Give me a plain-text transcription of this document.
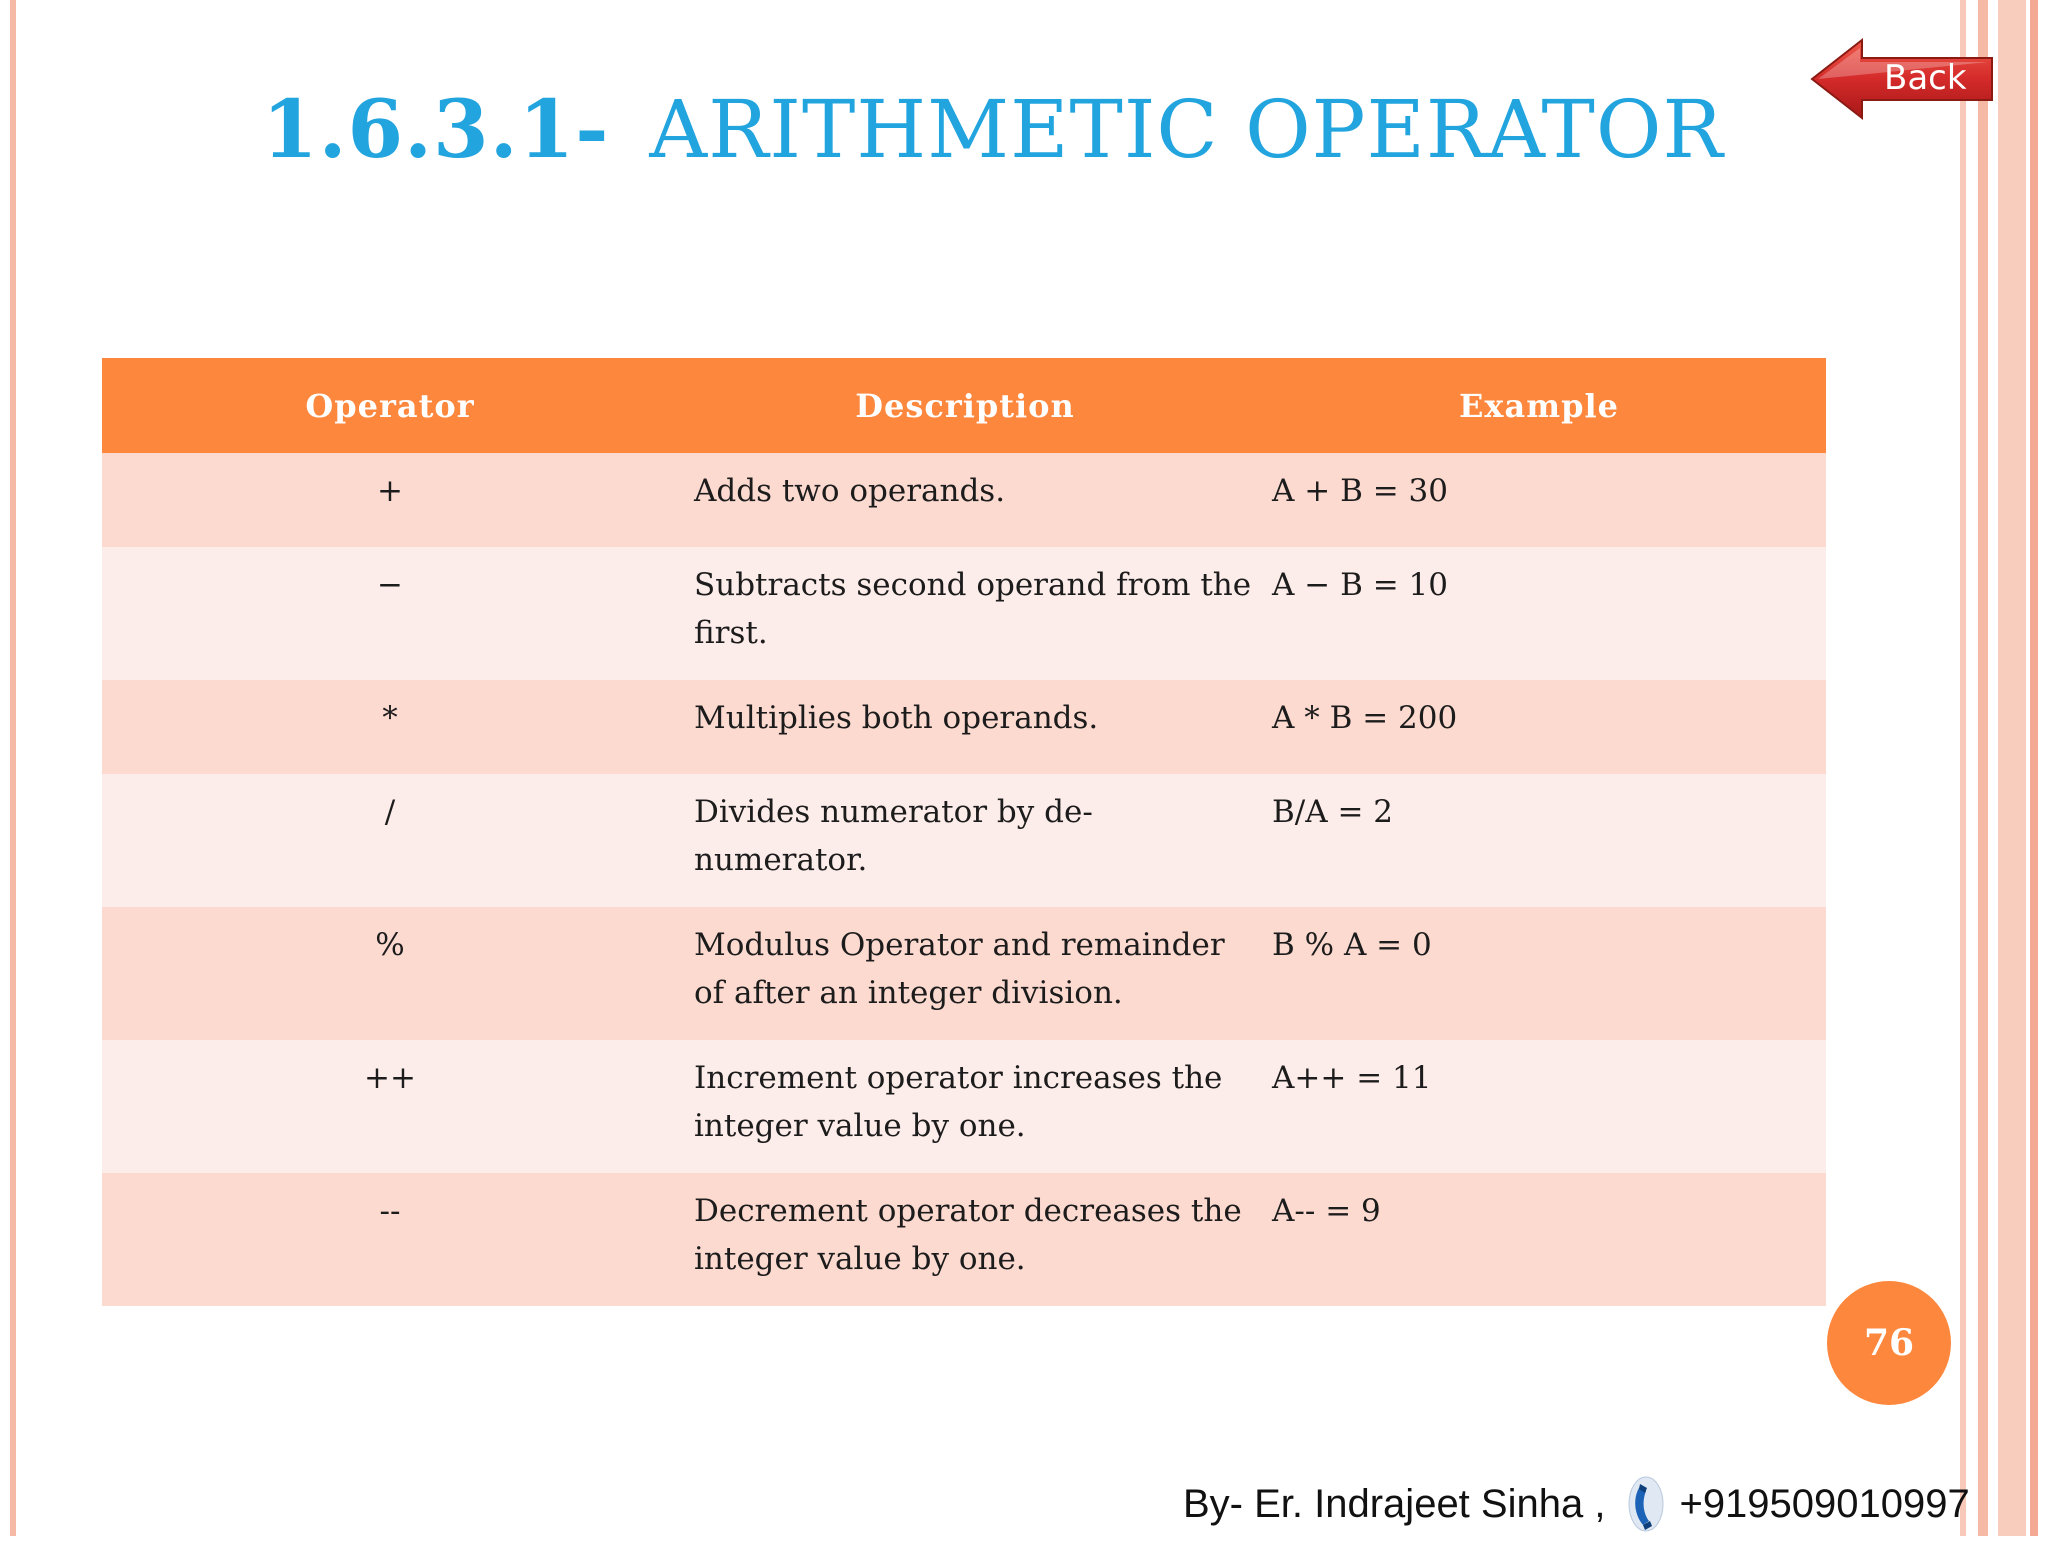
1.6.3.1- ARITHMETIC OPERATOR
Back
Operator	Description	Example
+	Adds two operands.	A + B = 30
−	Subtracts second operand from the first.	A − B = 10
*	Multiplies both operands.	A * B = 200
/	Divides numerator by de-numerator.	B/A = 2
%	Modulus Operator and remainder of after an integer division.	B % A = 0
++	Increment operator increases the integer value by one.	A++ = 11
--	Decrement operator decreases the integer value by one.	A-- = 9
76
By- Er. Indrajeet Sinha , +919509010997
